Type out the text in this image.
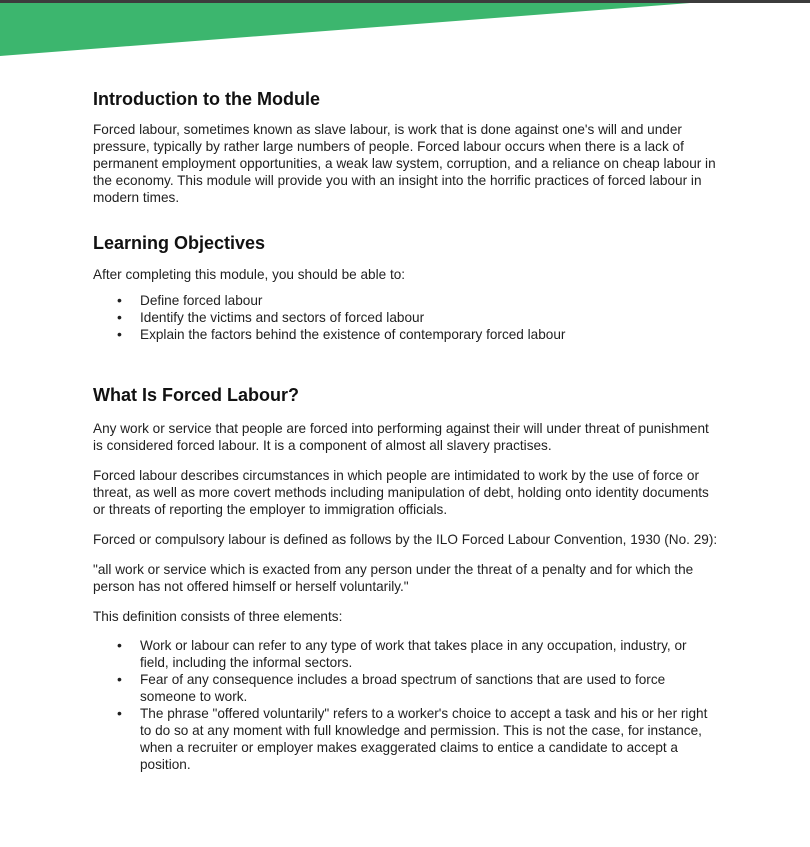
Introduction to the Module

Forced labour, sometimes known as slave labour, is work that is done against one's will and under pressure, typically by rather large numbers of people. Forced labour occurs when there is a lack of permanent employment opportunities, a weak law system, corruption, and a reliance on cheap labour in the economy. This module will provide you with an insight into the horrific practices of forced labour in modern times.

Learning Objectives

After completing this module, you should be able to:

• Define forced labour
• Identify the victims and sectors of forced labour
• Explain the factors behind the existence of contemporary forced labour
What Is Forced Labour?

Any work or service that people are forced into performing against their will under threat of punishment is considered forced labour. It is a component of almost all slavery practises.

Forced labour describes circumstances in which people are intimidated to work by the use of force or threat, as well as more covert methods including manipulation of debt, holding onto identity documents or threats of reporting the employer to immigration officials.

Forced or compulsory labour is defined as follows by the ILO Forced Labour Convention, 1930 (No. 29):

"all work or service which is exacted from any person under the threat of a penalty and for which the person has not offered himself or herself voluntarily."

This definition consists of three elements:

• Work or labour can refer to any type of work that takes place in any occupation, industry, or field, including the informal sectors.
• Fear of any consequence includes a broad spectrum of sanctions that are used to force someone to work.
• The phrase "offered voluntarily" refers to a worker's choice to accept a task and his or her right to do so at any moment with full knowledge and permission. This is not the case, for instance, when a recruiter or employer makes exaggerated claims to entice a candidate to accept a position.
